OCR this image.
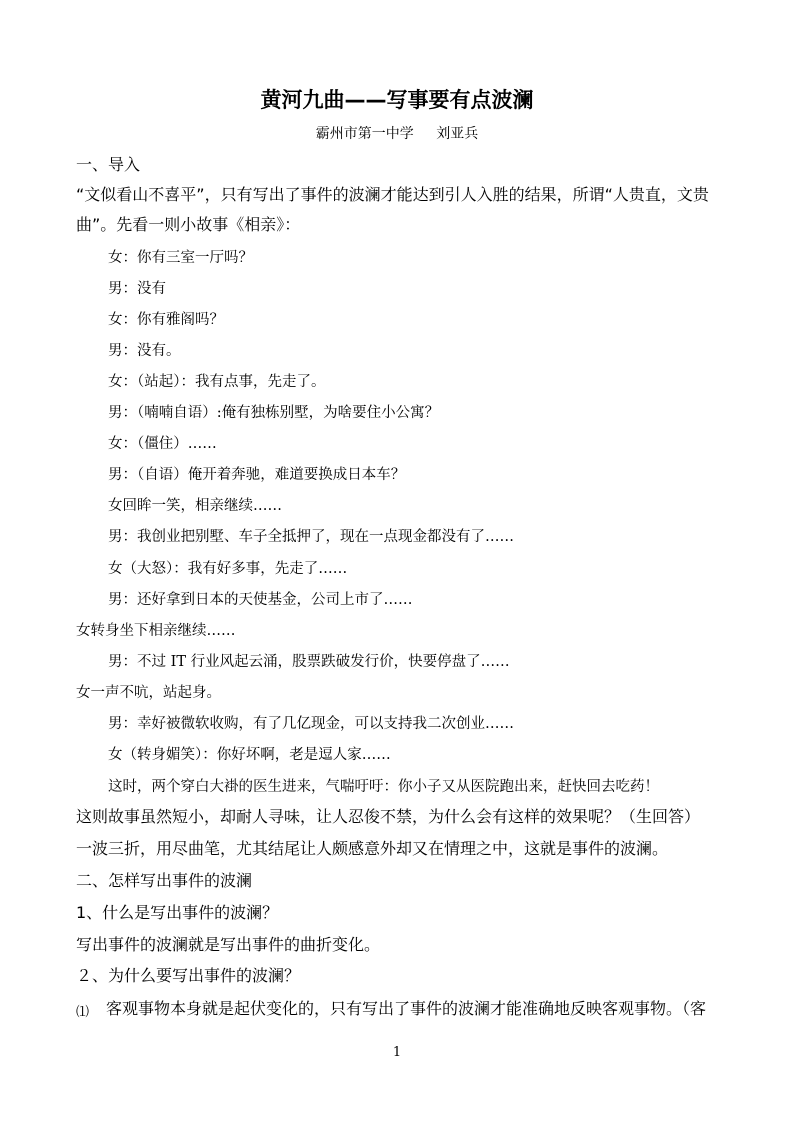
黄河九曲——写事要有点波澜
霸州市第一中学 刘亚兵
一、导入
“文似看山不喜平”，只有写出了事件的波澜才能达到引人入胜的结果，所谓“人贵直，文贵
曲”。先看一则小故事《相亲》：
女：你有三室一厅吗？
男：没有
女：你有雅阁吗？
男：没有。
女：（站起）：我有点事，先走了。
男：（喃喃自语）:俺有独栋别墅，为啥要住小公寓？
女：（僵住）……
男：（自语）俺开着奔驰，难道要换成日本车？
女回眸一笑，相亲继续……
男：我创业把别墅、车子全抵押了，现在一点现金都没有了……
女（大怒）：我有好多事，先走了……
男：还好拿到日本的天使基金，公司上市了……
女转身坐下相亲继续……
男：不过 IT 行业风起云涌，股票跌破发行价，快要停盘了……
女一声不吭，站起身。
男：幸好被微软收购，有了几亿现金，可以支持我二次创业……
女（转身媚笑）：你好坏啊，老是逗人家……
这时，两个穿白大褂的医生进来，气喘吁吁：你小子又从医院跑出来，赶快回去吃药！
这则故事虽然短小，却耐人寻味，让人忍俊不禁，为什么会有这样的效果呢？（生回答）
一波三折，用尽曲笔，尤其结尾让人颇感意外却又在情理之中，这就是事件的波澜。
二、怎样写出事件的波澜
1、什么是写出事件的波澜？
写出事件的波澜就是写出事件的曲折变化。
２、为什么要写出事件的波澜？
⑴ 客观事物本身就是起伏变化的，只有写出了事件的波澜才能准确地反映客观事物。（客
1
